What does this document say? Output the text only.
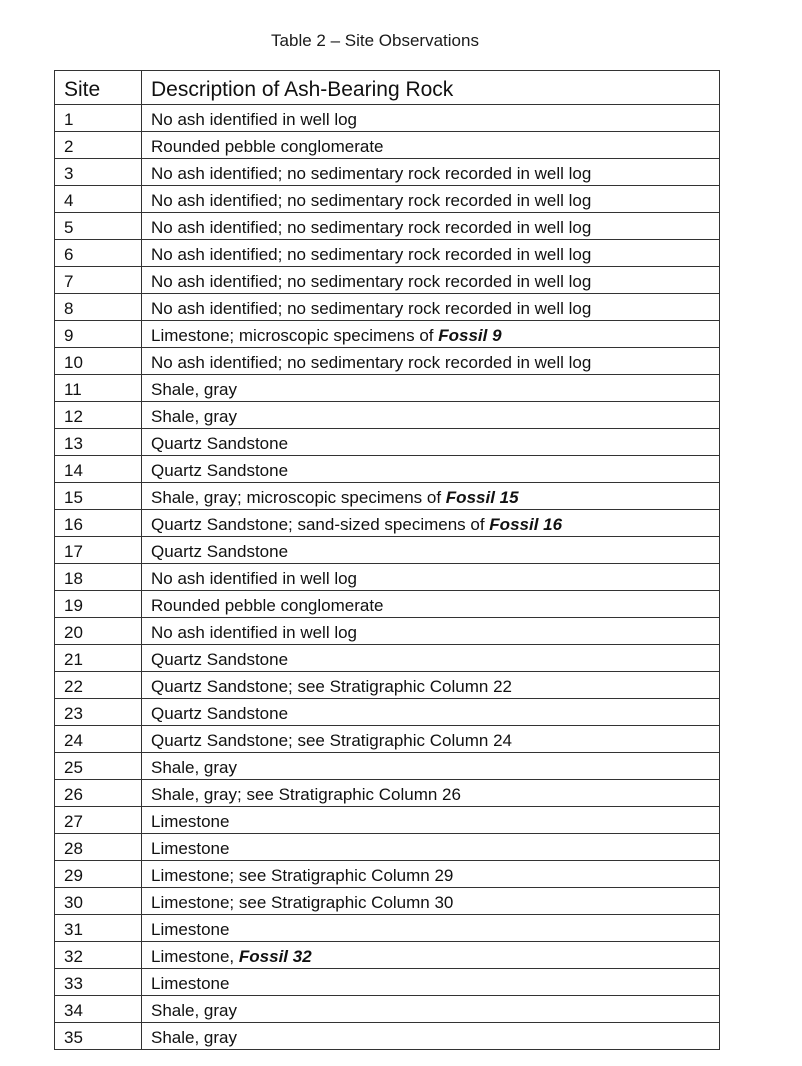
Table 2 – Site Observations
Site	Description of Ash-Bearing Rock
1	No ash identified in well log
2	Rounded pebble conglomerate
3	No ash identified; no sedimentary rock recorded in well log
4	No ash identified; no sedimentary rock recorded in well log
5	No ash identified; no sedimentary rock recorded in well log
6	No ash identified; no sedimentary rock recorded in well log
7	No ash identified; no sedimentary rock recorded in well log
8	No ash identified; no sedimentary rock recorded in well log
9	Limestone; microscopic specimens of Fossil 9
10	No ash identified; no sedimentary rock recorded in well log
11	Shale, gray
12	Shale, gray
13	Quartz Sandstone
14	Quartz Sandstone
15	Shale, gray; microscopic specimens of Fossil 15
16	Quartz Sandstone; sand-sized specimens of Fossil 16
17	Quartz Sandstone
18	No ash identified in well log
19	Rounded pebble conglomerate
20	No ash identified in well log
21	Quartz Sandstone
22	Quartz Sandstone; see Stratigraphic Column 22
23	Quartz Sandstone
24	Quartz Sandstone; see Stratigraphic Column 24
25	Shale, gray
26	Shale, gray; see Stratigraphic Column 26
27	Limestone
28	Limestone
29	Limestone; see Stratigraphic Column 29
30	Limestone; see Stratigraphic Column 30
31	Limestone
32	Limestone, Fossil 32
33	Limestone
34	Shale, gray
35	Shale, gray
